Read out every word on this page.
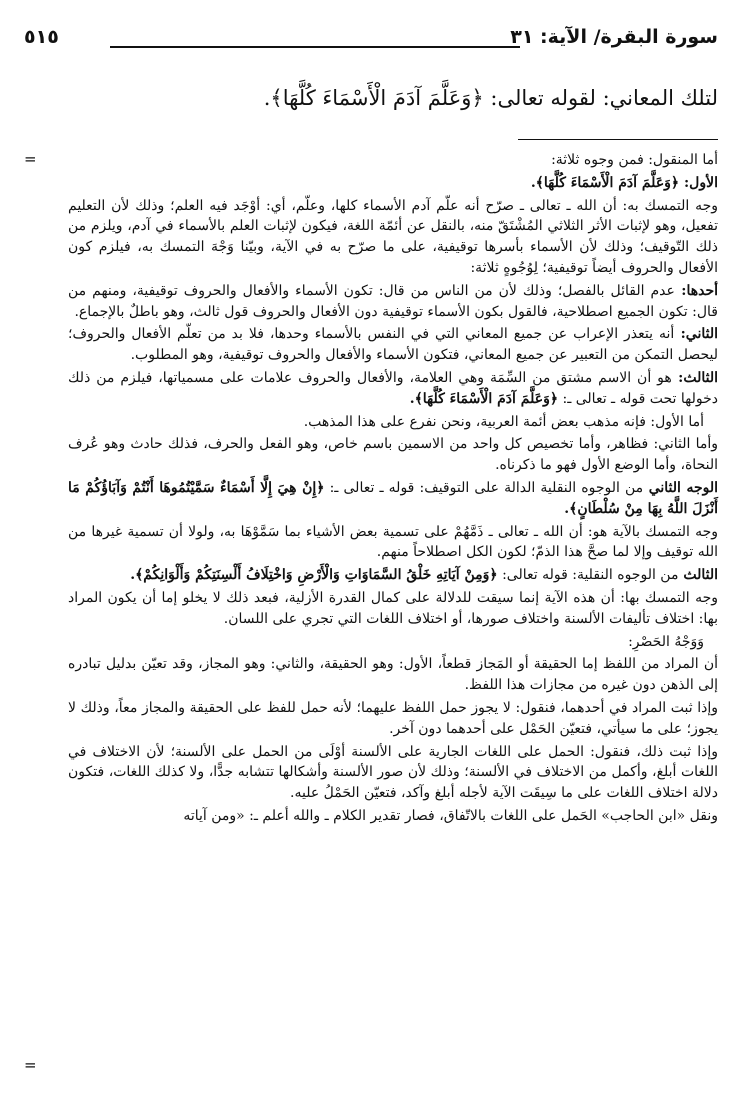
سورة البقرة/ الآية: ٣١
٥١٥
لتلك المعاني: لقوله تعالى: ﴿وَعَلَّمَ آدَمَ الْأَسْمَاءَ كُلَّهَا﴾.
=
=

أما المنقول: فمن وجوه ثلاثة:

الأول: ﴿وَعَلَّمَ آدَمَ الْأَسْمَاءَ كُلَّهَا﴾.

وجه التمسك به: أن الله ـ تعالى ـ صرّح أنه علّم آدم الأسماء كلها، وعلّم، أي: أوْجَد فيه العلم؛ وذلك لأن التعليم تفعيل، وهو لإثبات الأثر الثلاثي المُشْتَقّ منه، بالنقل عن أئمّة اللغة، فيكون لإثبات العلم بالأسماء في آدم، ويلزم من ذلك التّوقيف؛ وذلك لأن الأسماء بأسرها توقيفية، على ما صرّح به في الآية، وبيّنا وَجْهَ التمسك به، فيلزم كون الأفعال والحروف أيضاً توقيفية؛ لِوُجُوهٍ ثلاثة:

أحدها: عدم القائل بالفصل؛ وذلك لأن من الناس من قال: تكون الأسماء والأفعال والحروف توقيفية، ومنهم من قال: تكون الجميع اصطلاحية، فالقول بكون الأسماء توقيفية دون الأفعال والحروف قول ثالث، وهو باطلٌ بالإجماع.

الثاني: أنه يتعذر الإعراب عن جميع المعاني التي في النفس بالأسماء وحدها، فلا بد من تعلّم الأفعال والحروف؛ ليحصل التمكن من التعبير عن جميع المعاني، فتكون الأسماء والأفعال والحروف توقيفية، وهو المطلوب.

الثالث: هو أن الاسم مشتق من السِّمَة وهي العلامة، والأفعال والحروف علامات على مسمياتها، فيلزم من ذلك دخولها تحت قوله ـ تعالى ـ: ﴿وَعَلَّمَ آدَمَ الْأَسْمَاءَ كُلَّهَا﴾.

أما الأول: فإنه مذهب بعض أئمة العربية، ونحن نفرع على هذا المذهب.

وأما الثاني: فظاهر، وأما تخصيص كل واحد من الاسمين باسم خاص، وهو الفعل والحرف، فذلك حادث وهو عُرف النحاة، وأما الوضع الأول فهو ما ذكرناه.

الوجه الثاني من الوجوه النقلية الدالة على التوقيف: قوله ـ تعالى ـ: ﴿إِنْ هِيَ إِلَّا أَسْمَاءٌ سَمَّيْتُمُوهَا أَنْتُمْ وَآبَاؤُكُمْ مَا أَنْزَلَ اللَّهُ بِهَا مِنْ سُلْطَانٍ﴾.

وجه التمسك بالآية هو: أن الله ـ تعالى ـ ذَمَّهُمْ على تسمية بعض الأشياء بما سَمَّوْهَا به، ولولا أن تسمية غيرها من الله توقيف وإلا لما صحَّ هذا الذمّ؛ لكون الكل اصطلاحاً منهم.

الثالث من الوجوه النقلية: قوله تعالى: ﴿وَمِنْ آيَاتِهِ خَلْقُ السَّمَاوَاتِ وَالْأَرْضِ وَاخْتِلَافُ أَلْسِنَتِكُمْ وَأَلْوَانِكُمْ﴾.

وجه التمسك بها: أن هذه الآية إنما سيقت للدلالة على كمال القدرة الأزلية، فبعد ذلك لا يخلو إما أن يكون المراد بها: اختلاف تأليفات الألسنة واختلاف صورها، أو اختلاف اللغات التي تجري على اللسان.

وَوَجْهُ الحَصْرِ:

أن المراد من اللفظ إما الحقيقة أو المَجاز قطعاً، الأول: وهو الحقيقة، والثاني: وهو المجاز، وقد تعيّن بدليل تبادره إلى الذهن دون غيره من مجازات هذا اللفظ.

وإذا ثبت المراد في أحدهما، فنقول: لا يجوز حمل اللفظ عليهما؛ لأنه حمل للفظ على الحقيقة والمجاز معاً، وذلك لا يجوز؛ على ما سيأتي، فتعيّن الحَمْل على أحدهما دون آخر.

وإذا ثبت ذلك، فنقول: الحمل على اللغات الجارية على الألسنة أوْلَى من الحمل على الألسنة؛ لأن الاختلاف في اللغات أبلغ، وأكمل من الاختلاف في الألسنة؛ وذلك لأن صور الألسنة وأشكالها تتشابه جدًّا، ولا كذلك اللغات، فتكون دلالة اختلاف اللغات على ما سِيقَت الآية لأجله أبلغ وآكد، فتعيّن الحَمْلُ عليه.

ونقل «ابن الحاجب» الحَمل على اللغات بالاتّفاق، فصار تقدير الكلام ـ والله أعلم ـ: «ومن آياته
